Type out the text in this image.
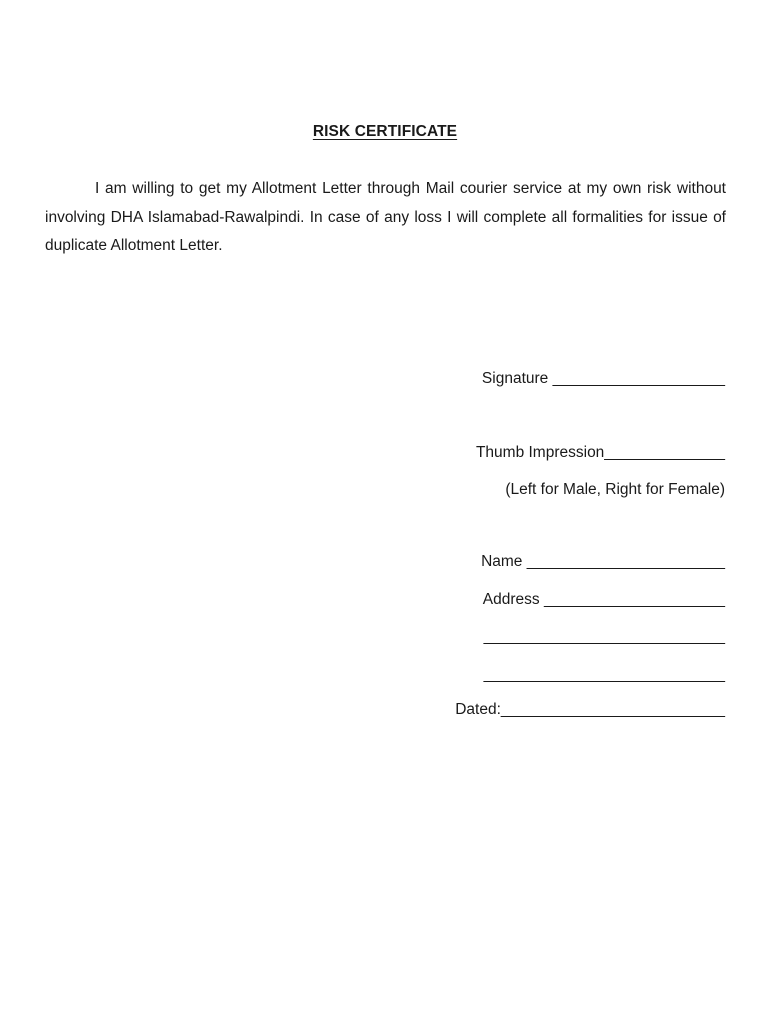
RISK CERTIFICATE

I am willing to get my Allotment Letter through Mail courier service at my own risk without involving DHA Islamabad-Rawalpindi. In case of any loss I will complete all formalities for issue of duplicate Allotment Letter.

Signature ____________________

Thumb Impression______________

(Left for Male, Right for Female)

Name _______________________

Address _____________________

____________________________

____________________________

Dated:__________________________
